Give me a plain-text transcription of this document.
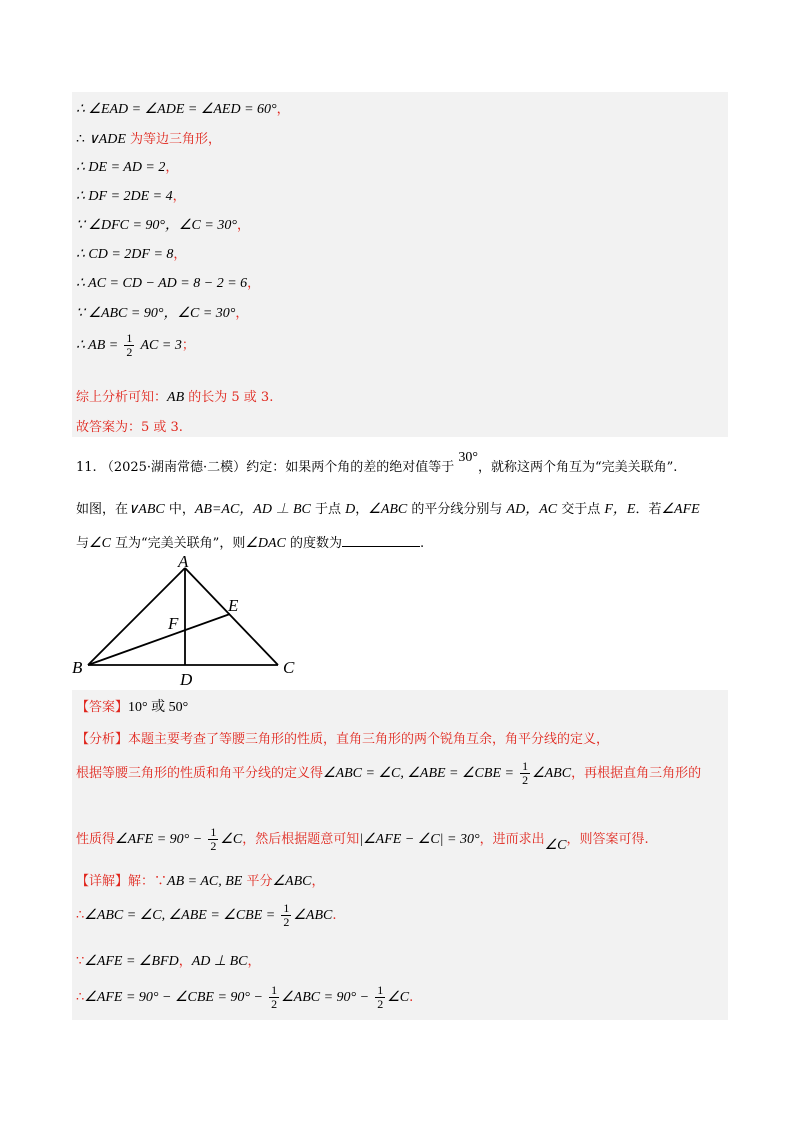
∴ ∠EAD = ∠ADE = ∠AED = 60°，
∴ ∨ADE 为等边三角形，
∴ DE = AD = 2，
∴ DF = 2DE = 4，
∵ ∠DFC = 90°，∠C = 30°，
∴ CD = 2DF = 8，
∴ AC = CD − AD = 8 − 2 = 6，
∵ ∠ABC = 90°，∠C = 30°，
∴ AB = $\frac{1}{2}$ AC = 3；
综上分析可知：AB 的长为 5 或 3.
故答案为：5 或 3.
11. （2025·湖南常德·二模）约定：如果两个角的差的绝对值等于 30°，就称这两个角互为“完美关联角”.
如图，在∨ABC 中，AB=AC，AD ⊥ BC 于点 D，∠ABC 的平分线分别与 AD，AC 交于点 F，E．若∠AFE
与∠C 互为“完美关联角”，则∠DAC 的度数为	.
A
B	C
D
E
F
【答案】10° 或 50°
【分析】本题主要考查了等腰三角形的性质，直角三角形的两个锐角互余，角平分线的定义，
根据等腰三角形的性质和角平分线的定义得∠ABC = ∠C, ∠ABE = ∠CBE = $\frac{1}{2}$ ∠ABC，再根据直角三角形的
性质得∠AFE = $90^\circ - \frac{1}{2}$ ∠C，然后根据题意可知|∠AFE − ∠C| = 30°，进而求出∠C，则答案可得.
【详解】解：∵AB = AC, BE 平分∠ABC，
∴∠ABC = ∠C, ∠ABE = ∠CBE = $\frac{1}{2}$ ∠ABC.
∵∠AFE = ∠BFD，AD ⊥ BC，
∴∠AFE = 90° − ∠CBE = $90^\circ - \frac{1}{2}$ ∠ABC = $90^\circ - \frac{1}{2}$ ∠C.
